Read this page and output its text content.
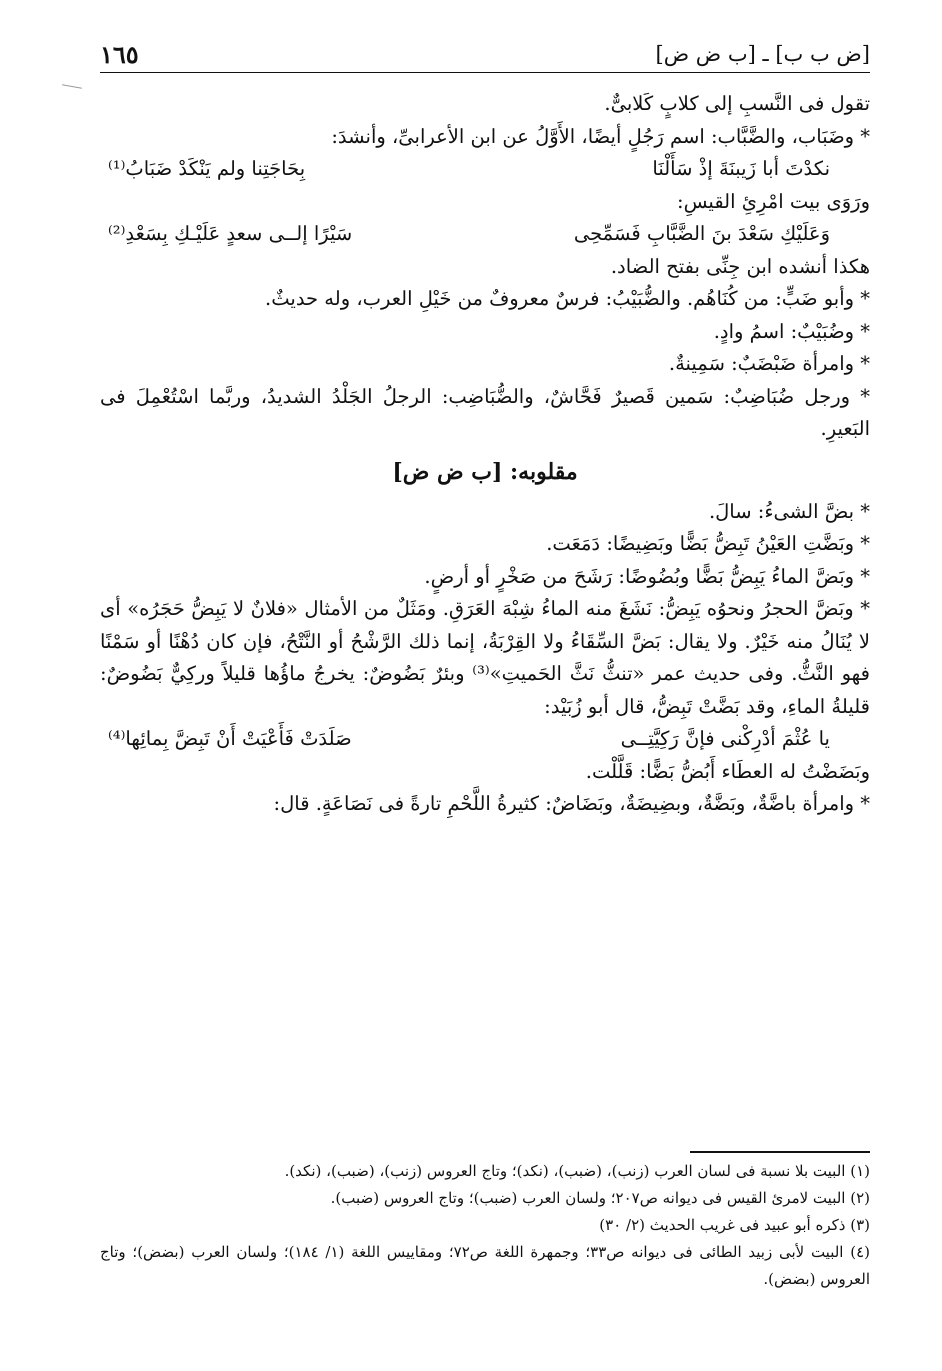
١٦٥	[ض ب ب] ـ [ب ض ض]

تقول فى النَّسبِ إلى كلابٍ كَلابىٌّ.

* وضَبَاب، والضَّبَّاب: اسم رَجُلٍ أيضًا، الأَوَّلُ عن ابن الأعرابىِّ، وأنشدَ:

نكدْتَ أبا زَيبنَةَ إذْ سَأَلْنَا
بِحَاجَتِنا ولم يَنْكَدْ ضَبَابُ⁽¹⁾

ورَوَى بيت امْرِئِ القيسِ:

وَعَلَيْكِ سَعْدَ بنَ الضَّبَّابِ فَسَمِّحِى
سَيْرًا إلــى سعدٍ عَلَيْـكِ بِسَعْدِ⁽²⁾

هكذا أنشده ابن جِنِّى بفتح الضاد.

* وأبو ضَبٍّ: من كُنَاهُم. والضُّبَيْبُ: فرسٌ معروفٌ من خَيْلِ العرب، وله حديثٌ.

* وضُبَيْبٌ: اسمُ وادٍ.

* وامرأة ضَبْضَبٌ: سَمِينةٌ.

* ورجل ضُبَاضِبٌ: سَمين قَصيرٌ فَحَّاشٌ، والضُّبَاضِب: الرجلُ الجَلْدُ الشديدُ، وربَّما اسْتُعْمِلَ فى البَعيرِ.

مقلوبه: [ب ض ض]

* بضَّ الشىءُ: سالَ.

* وبَضَّتِ العَيْنُ تَبِضُّ بَضًّا وبَضِيضًا: دَمَعَت.

* وبَضَّ الماءُ يَبِضُّ بَضًّا وبُضُوضًا: رَشَحَ من صَخْرٍ أو أرضٍ.

* وبَضَّ الحجرُ ونحوُه يَبِضُّ: نَشَغَ منه الماءُ شِبْهَ العَرَقِ. ومَثَلٌ من الأمثال «فلانٌ لا يَبِضُّ حَجَرُه» أى لا يُنَالُ منه خَيْرٌ. ولا يقال: بَضَّ السِّقَاءُ ولا القِرْبَةُ، إنما ذلك الرَّشْحُ أو النَّتْحُ، فإن كان دُهْنًا أو سَمْنًا فهو النَّثُّ. وفى حديث عمر «تنثُّ نَثَّ الحَميتِ»⁽³⁾ وبئرٌ بَضُوضٌ: يخرجُ ماؤُها قليلاً وركِيٌّ بَضُوضٌ: قليلةُ الماءِ، وقد بَضَّتْ تَبِضُّ، قال أبو زُبَيْد:

يا عُثْمَ أدْرِكْنى فإنَّ رَكِيَّتِــى
صَلَدَتْ فَأَعْيَتْ أَنْ تَبِضَّ بِمائِها⁽⁴⁾

وبَضَضْتُ له العطَاء أَبُضُّ بَضًّا: قَلَّلْت.

* وامرأة باضَّةٌ، وبَضَّةٌ، وبضِيضَةٌ، وبَضَاضٌ: كثيرةُ اللَّحْمِ تارةً فى نَصَاعَةٍ. قال:

(١) البيت بلا نسبة فى لسان العرب (زنب)، (ضبب)، (نكد)؛ وتاج العروس (زنب)، (ضبب)، (نكد).

(٢) البيت لامرئ القيس فى ديوانه ص٢٠٧؛ ولسان العرب (ضبب)؛ وتاج العروس (ضبب).

(٣) ذكره أبو عبيد فى غريب الحديث (٢/ ٣٠)

(٤) البيت لأبى زبيد الطائى فى ديوانه ص٣٣؛ وجمهرة اللغة ص٧٢؛ ومقاييس اللغة (١/ ١٨٤)؛ ولسان العرب (بضض)؛ وتاج العروس (بضض).
